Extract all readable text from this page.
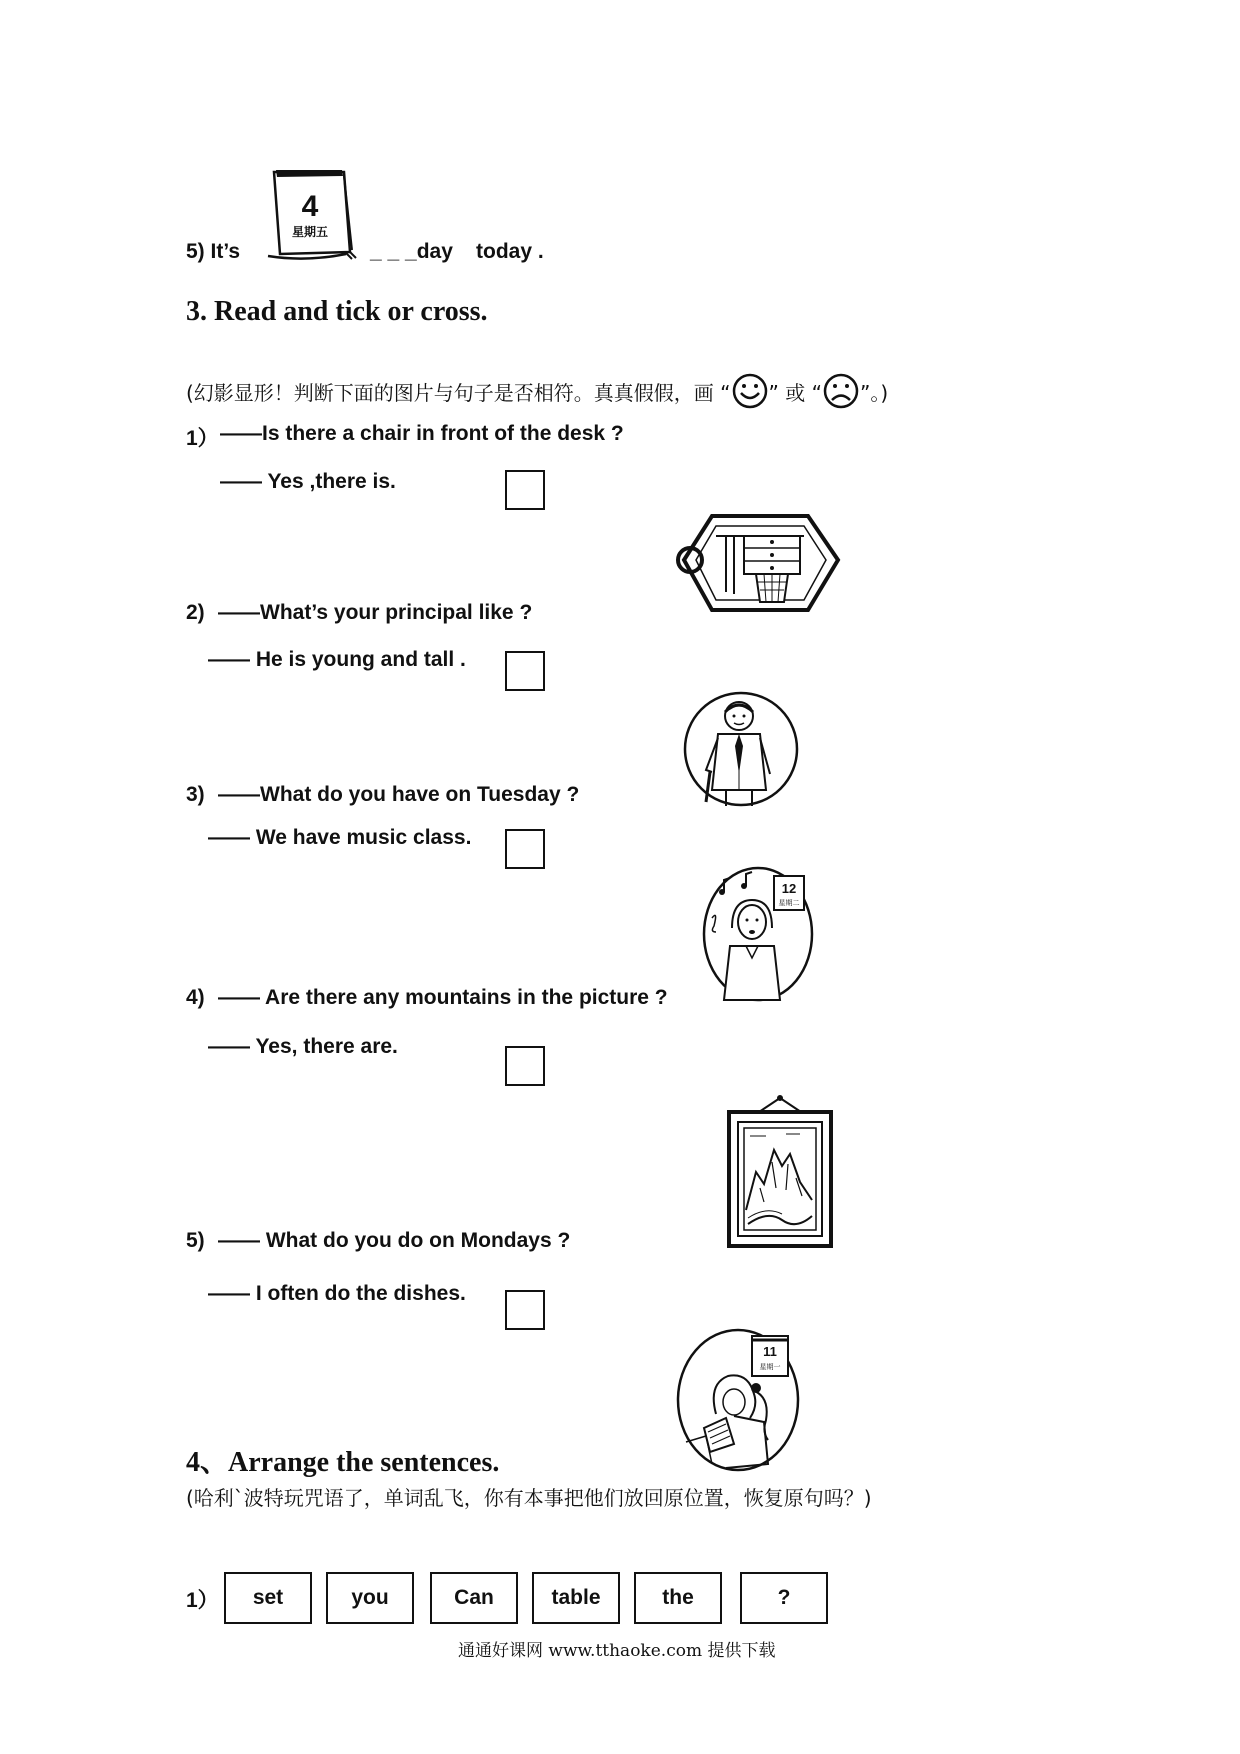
5) It’s
4
星期五
_ _ _day today .
3. Read and tick or cross.
(幻影显形！判断下面的图片与句子是否相符。真真假假，画 “ ” 或 “ ”。)
1） ——Is there a chair in front of the desk ?
—— Yes ,there is.
2) ——What’s your principal like ?
—— He is young and tall .
3) ——What do you have on Tuesday ?
—— We have music class.
12
星期二
4) —— Are there any mountains in the picture ?
—— Yes, there are.
5) —— What do you do on Mondays ?
—— I often do the dishes.
11
星期一
4、Arrange the sentences.
(哈利`波特玩咒语了，单词乱飞，你有本事把他们放回原位置，恢复原句吗？)
1）	set	you	Can	table	the	?
通通好课网 www.tthaoke.com 提供下载
